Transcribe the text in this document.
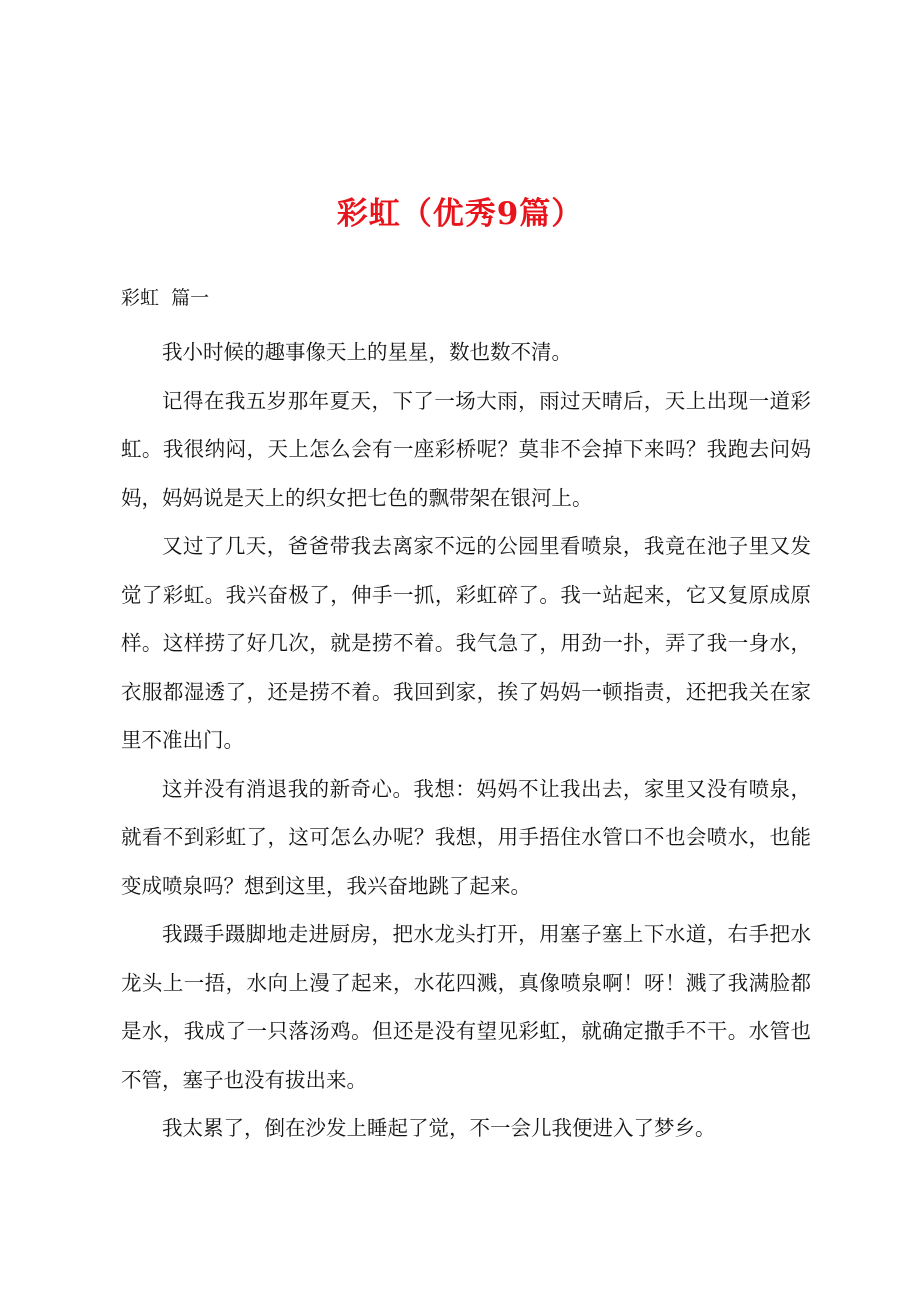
彩虹（优秀9篇）
彩虹  篇一

我小时候的趣事像天上的星星，数也数不清。

记得在我五岁那年夏天，下了一场大雨，雨过天晴后，天上出现一道彩虹。我很纳闷，天上怎么会有一座彩桥呢？莫非不会掉下来吗？我跑去问妈妈，妈妈说是天上的织女把七色的飘带架在银河上。

又过了几天，爸爸带我去离家不远的公园里看喷泉，我竟在池子里又发觉了彩虹。我兴奋极了，伸手一抓，彩虹碎了。我一站起来，它又复原成原样。这样捞了好几次，就是捞不着。我气急了，用劲一扑，弄了我一身水，衣服都湿透了，还是捞不着。我回到家，挨了妈妈一顿指责，还把我关在家里不准出门。

这并没有消退我的新奇心。我想：妈妈不让我出去，家里又没有喷泉，就看不到彩虹了，这可怎么办呢？我想，用手捂住水管口不也会喷水，也能变成喷泉吗？想到这里，我兴奋地跳了起来。

我蹑手蹑脚地走进厨房，把水龙头打开，用塞子塞上下水道，右手把水龙头上一捂，水向上漫了起来，水花四溅，真像喷泉啊！呀！溅了我满脸都是水，我成了一只落汤鸡。但还是没有望见彩虹，就确定撒手不干。水管也不管，塞子也没有拔出来。

我太累了，倒在沙发上睡起了觉，不一会儿我便进入了梦乡。
